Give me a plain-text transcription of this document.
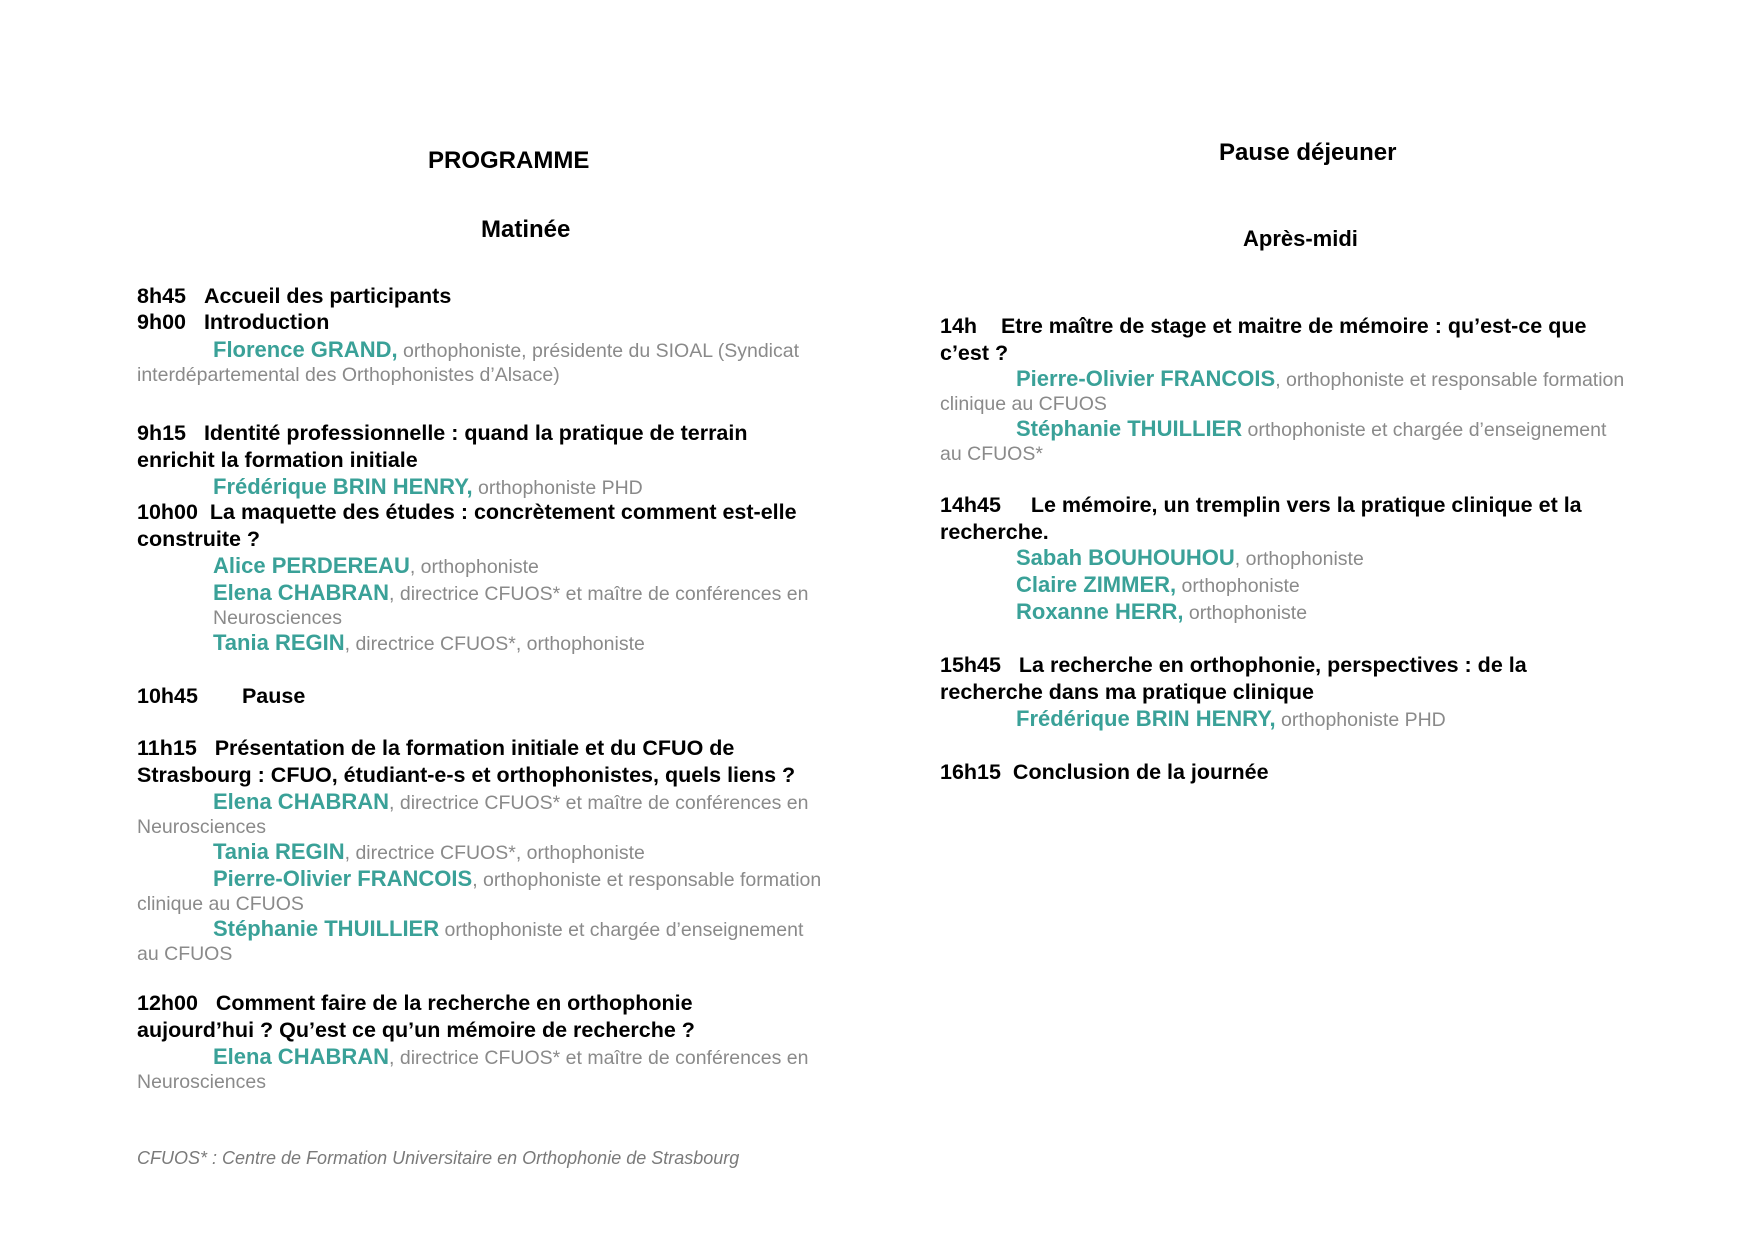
PROGRAMME
Matinée
8h45 Accueil des participants
9h00 Introduction
Florence GRAND, orthophoniste, présidente du SIOAL (Syndicat
interdépartemental des Orthophonistes d’Alsace)
9h15 Identité professionnelle : quand la pratique de terrain
enrichit la formation initiale
Frédérique BRIN HENRY, orthophoniste PHD
10h00 La maquette des études : concrètement comment est-elle
construite ?
Alice PERDEREAU, orthophoniste
Elena CHABRAN, directrice CFUOS* et maître de conférences en
Neurosciences
Tania REGIN, directrice CFUOS*, orthophoniste
10h45 Pause
11h15 Présentation de la formation initiale et du CFUO de
Strasbourg : CFUO, étudiant-e-s et orthophonistes, quels liens ?
Elena CHABRAN, directrice CFUOS* et maître de conférences en
Neurosciences
Tania REGIN, directrice CFUOS*, orthophoniste
Pierre-Olivier FRANCOIS, orthophoniste et responsable formation
clinique au CFUOS
Stéphanie THUILLIER orthophoniste et chargée d’enseignement
au CFUOS
12h00 Comment faire de la recherche en orthophonie
aujourd’hui ? Qu’est ce qu’un mémoire de recherche ?
Elena CHABRAN, directrice CFUOS* et maître de conférences en
Neurosciences
CFUOS* : Centre de Formation Universitaire en Orthophonie de Strasbourg
Pause déjeuner
Après-midi
14h Etre maître de stage et maitre de mémoire : qu’est-ce que
c’est ?
Pierre-Olivier FRANCOIS, orthophoniste et responsable formation
clinique au CFUOS
Stéphanie THUILLIER orthophoniste et chargée d’enseignement
au CFUOS*
14h45 Le mémoire, un tremplin vers la pratique clinique et la
recherche.
Sabah BOUHOUHOU, orthophoniste
Claire ZIMMER, orthophoniste
Roxanne HERR, orthophoniste
15h45 La recherche en orthophonie, perspectives : de la
recherche dans ma pratique clinique
Frédérique BRIN HENRY, orthophoniste PHD
16h15 Conclusion de la journée
